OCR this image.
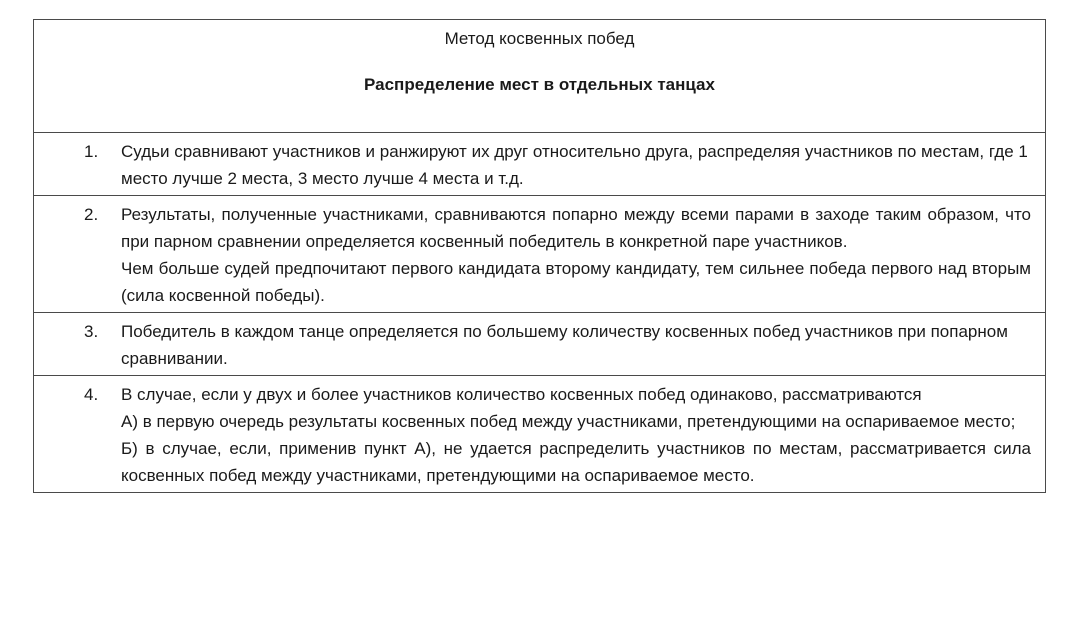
Метод косвенных побед
Распределение мест в отдельных танцах
1. Судьи сравнивают участников и ранжируют их друг относительно друга, распределяя участников по местам, где 1 место лучше 2 места, 3 место лучше 4 места и т.д.
2. Результаты, полученные участниками, сравниваются попарно между всеми парами в заходе таким образом, что при парном сравнении определяется косвенный победитель в конкретной паре участников.
Чем больше судей предпочитают первого кандидата второму кандидату, тем сильнее победа первого над вторым (сила косвенной победы).
3. Победитель в каждом танце определяется по большему количеству косвенных побед участников при попарном сравнивании.
4. В случае, если у двух и более участников количество косвенных побед одинаково, рассматриваются
А) в первую очередь результаты косвенных побед между участниками, претендующими на оспариваемое место;
Б) в случае, если, применив пункт А), не удается распределить участников по местам, рассматривается сила косвенных побед между участниками, претендующими на оспариваемое место.
